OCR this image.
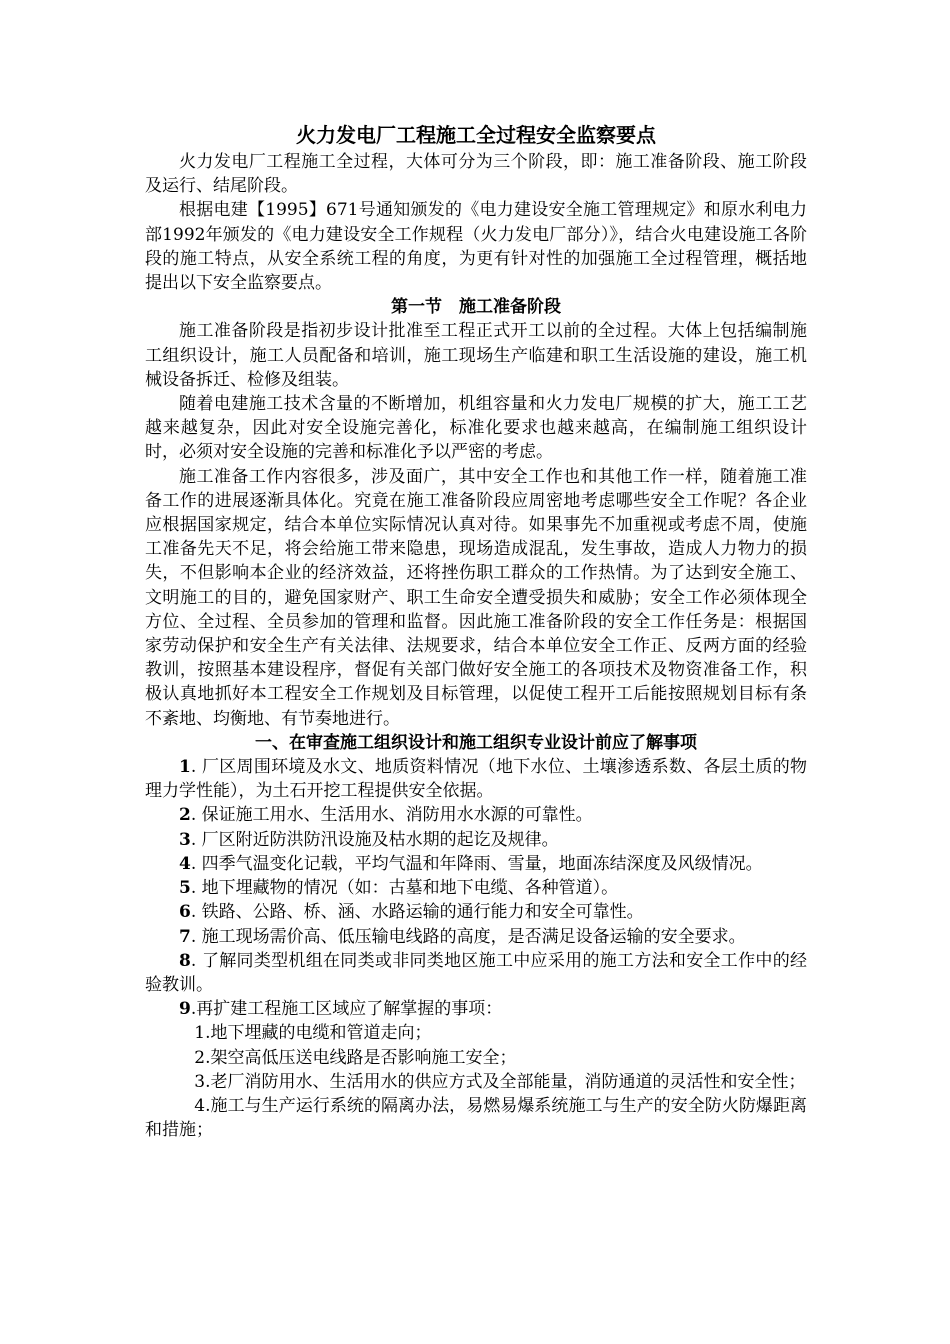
火力发电厂工程施工全过程安全监察要点

火力发电厂工程施工全过程，大体可分为三个阶段，即：施工准备阶段、施工阶段及运行、结尾阶段。

根据电建【1995】671号通知颁发的《电力建设安全施工管理规定》和原水利电力部1992年颁发的《电力建设安全工作规程（火力发电厂部分）》，结合火电建设施工各阶段的施工特点，从安全系统工程的角度，为更有针对性的加强施工全过程管理，概括地提出以下安全监察要点。

第一节　施工准备阶段

施工准备阶段是指初步设计批准至工程正式开工以前的全过程。大体上包括编制施工组织设计，施工人员配备和培训，施工现场生产临建和职工生活设施的建设，施工机械设备拆迁、检修及组装。

随着电建施工技术含量的不断增加，机组容量和火力发电厂规模的扩大，施工工艺越来越复杂，因此对安全设施完善化，标准化要求也越来越高，在编制施工组织设计时，必须对安全设施的完善和标准化予以严密的考虑。

施工准备工作内容很多，涉及面广，其中安全工作也和其他工作一样，随着施工准备工作的进展逐渐具体化。究竟在施工准备阶段应周密地考虑哪些安全工作呢？各企业应根据国家规定，结合本单位实际情况认真对待。如果事先不加重视或考虑不周，使施工准备先天不足，将会给施工带来隐患，现场造成混乱，发生事故，造成人力物力的损失，不但影响本企业的经济效益，还将挫伤职工群众的工作热情。为了达到安全施工、文明施工的目的，避免国家财产、职工生命安全遭受损失和威胁；安全工作必须体现全方位、全过程、全员参加的管理和监督。因此施工准备阶段的安全工作任务是：根据国家劳动保护和安全生产有关法律、法规要求，结合本单位安全工作正、反两方面的经验教训，按照基本建设程序，督促有关部门做好安全施工的各项技术及物资准备工作，积极认真地抓好本工程安全工作规划及目标管理，以促使工程开工后能按照规划目标有条不紊地、均衡地、有节奏地进行。

一、在审查施工组织设计和施工组织专业设计前应了解事项

1. 厂区周围环境及水文、地质资料情况（地下水位、土壤渗透系数、各层土质的物理力学性能），为土石开挖工程提供安全依据。

2. 保证施工用水、生活用水、消防用水水源的可靠性。

3. 厂区附近防洪防汛设施及枯水期的起讫及规律。

4. 四季气温变化记载，平均气温和年降雨、雪量，地面冻结深度及风级情况。

5. 地下埋藏物的情况（如：古墓和地下电缆、各种管道）。

6. 铁路、公路、桥、涵、水路运输的通行能力和安全可靠性。

7. 施工现场需价高、低压输电线路的高度，是否满足设备运输的安全要求。

8. 了解同类型机组在同类或非同类地区施工中应采用的施工方法和安全工作中的经验教训。

9.再扩建工程施工区域应了解掌握的事项：

1.地下埋藏的电缆和管道走向；

2.架空高低压送电线路是否影响施工安全；

3.老厂消防用水、生活用水的供应方式及全部能量，消防通道的灵活性和安全性；

4.施工与生产运行系统的隔离办法，易燃易爆系统施工与生产的安全防火防爆距离和措施；
